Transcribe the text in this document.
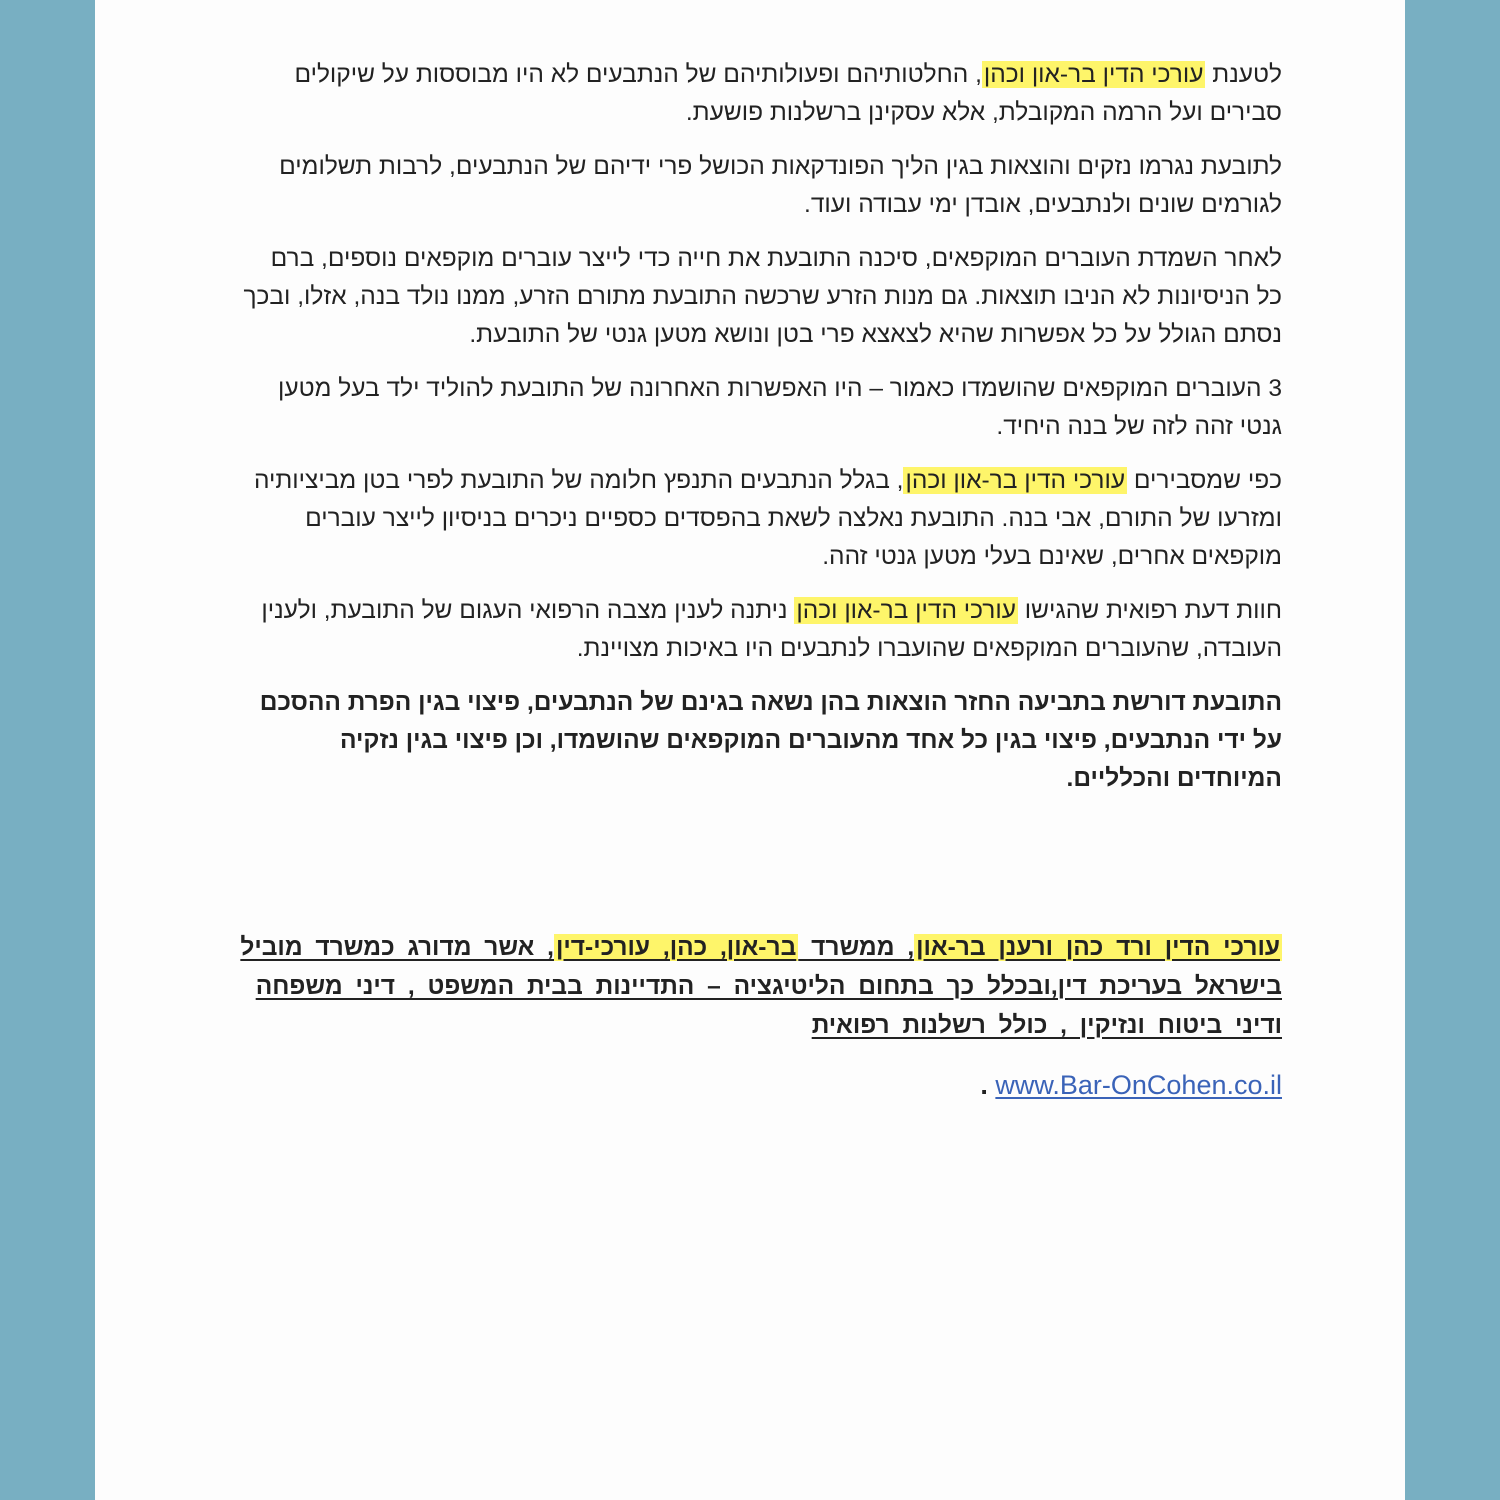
לטענת עורכי הדין בר-און וכהן, החלטותיהם ופעולותיהם של הנתבעים לא היו מבוססות על שיקולים סבירים ועל הרמה המקובלת, אלא עסקינן ברשלנות פושעת.

לתובעת נגרמו נזקים והוצאות בגין הליך הפונדקאות הכושל פרי ידיהם של הנתבעים, לרבות תשלומים לגורמים שונים ולנתבעים, אובדן ימי עבודה ועוד.

לאחר השמדת העוברים המוקפאים, סיכנה התובעת את חייה כדי לייצר עוברים מוקפאים נוספים, ברם כל הניסיונות לא הניבו תוצאות. גם מנות הזרע שרכשה התובעת מתורם הזרע, ממנו נולד בנה, אזלו, ובכך נסתם הגולל על כל אפשרות שהיא לצאצא פרי בטן ונושא מטען גנטי של התובעת.

3 העוברים המוקפאים שהושמדו כאמור – היו האפשרות האחרונה של התובעת להוליד ילד בעל מטען גנטי זהה לזה של בנה היחיד.

כפי שמסבירים עורכי הדין בר-און וכהן, בגלל הנתבעים התנפץ חלומה של התובעת לפרי בטן מביציותיה ומזרעו של התורם, אבי בנה. התובעת נאלצה לשאת בהפסדים כספיים ניכרים בניסיון לייצר עוברים מוקפאים אחרים, שאינם בעלי מטען גנטי זהה.

חוות דעת רפואית שהגישו עורכי הדין בר-און וכהן ניתנה לענין מצבה הרפואי העגום של התובעת, ולענין העובדה, שהעוברים המוקפאים שהועברו לנתבעים היו באיכות מצויינת.

התובעת דורשת בתביעה החזר הוצאות בהן נשאה בגינם של הנתבעים, פיצוי בגין הפרת ההסכם על ידי הנתבעים, פיצוי בגין כל אחד מהעוברים המוקפאים שהושמדו, וכן פיצוי בגין נזקיה המיוחדים והכלליים.

עורכי הדין ורד כהן ורענן בר-און, ממשרד בר-און, כהן, עורכי-דין, אשר מדורג כמשרד מוביל בישראל בעריכת דין,ובכלל כך בתחום הליטיגציה – התדיינות בבית המשפט , דיני משפחה ודיני ביטוח ונזיקין , כולל רשלנות רפואית

www.Bar-OnCohen.co.il .
